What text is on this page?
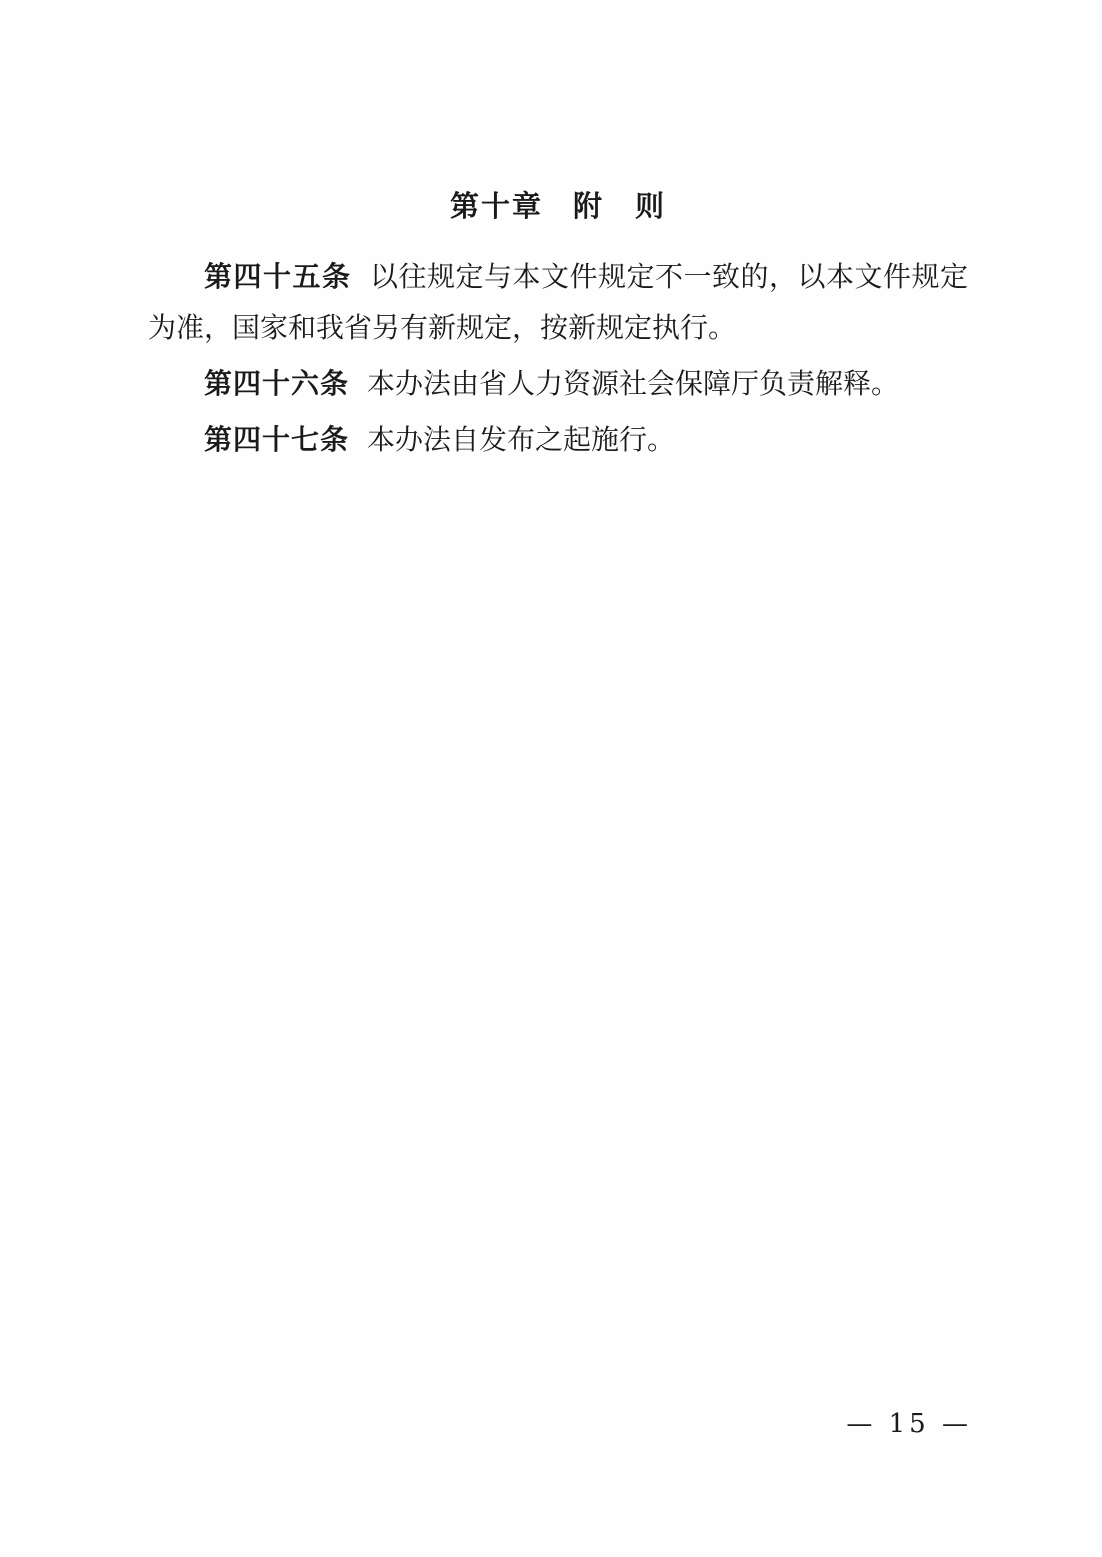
第十章 附　则

第四十五条 以往规定与本文件规定不一致的，以本文件规定为准，国家和我省另有新规定，按新规定执行。

第四十六条 本办法由省人力资源社会保障厅负责解释。

第四十七条 本办法自发布之起施行。

— 15 —
